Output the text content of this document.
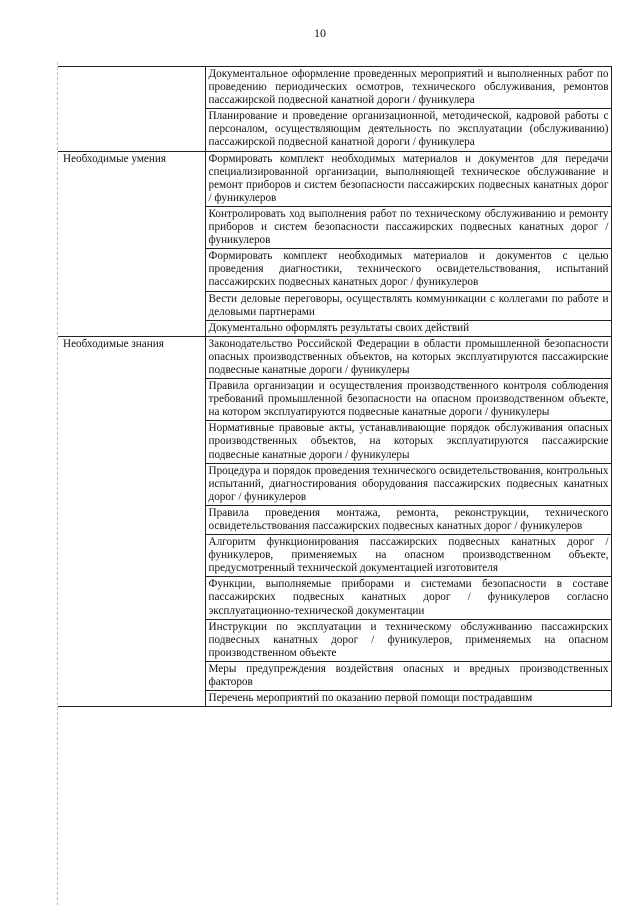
10
	Документальное оформление проведенных мероприятий и выполненных работ по проведению периодических осмотров, технического обслуживания, ремонтов пассажирской подвесной канатной дороги / фуникулера
	Планирование и проведение организационной, методической, кадровой работы с персоналом, осуществляющим деятельность по эксплуатации (обслуживанию) пассажирской подвесной канатной дороги / фуникулера
Необходимые умения	Формировать комплект необходимых материалов и документов для передачи специализированной организации, выполняющей техническое обслуживание и ремонт приборов и систем безопасности пассажирских подвесных канатных дорог / фуникулеров
	Контролировать ход выполнения работ по техническому обслуживанию и ремонту приборов и систем безопасности пассажирских подвесных канатных дорог / фуникулеров
	Формировать комплект необходимых материалов и документов с целью проведения диагностики, технического освидетельствования, испытаний пассажирских подвесных канатных дорог / фуникулеров
	Вести деловые переговоры, осуществлять коммуникации с коллегами по работе и деловыми партнерами
	Документально оформлять результаты своих действий
Необходимые знания	Законодательство Российской Федерации в области промышленной безопасности опасных производственных объектов, на которых эксплуатируются пассажирские подвесные канатные дороги / фуникулеры
	Правила организации и осуществления производственного контроля соблюдения требований промышленной безопасности на опасном производственном объекте, на котором эксплуатируются подвесные канатные дороги / фуникулеры
	Нормативные правовые акты, устанавливающие порядок обслуживания опасных производственных объектов, на которых эксплуатируются пассажирские подвесные канатные дороги / фуникулеры
	Процедура и порядок проведения технического освидетельствования, контрольных испытаний, диагностирования оборудования пассажирских подвесных канатных дорог / фуникулеров
	Правила проведения монтажа, ремонта, реконструкции, технического освидетельствования пассажирских подвесных канатных дорог / фуникулеров
	Алгоритм функционирования пассажирских подвесных канатных дорог / фуникулеров, применяемых на опасном производственном объекте, предусмотренный технической документацией изготовителя
	Функции, выполняемые приборами и системами безопасности в составе пассажирских подвесных канатных дорог / фуникулеров согласно эксплуатационно-технической документации
	Инструкции по эксплуатации и техническому обслуживанию пассажирских подвесных канатных дорог / фуникулеров, применяемых на опасном производственном объекте
	Меры предупреждения воздействия опасных и вредных производственных факторов
	Перечень мероприятий по оказанию первой помощи пострадавшим
